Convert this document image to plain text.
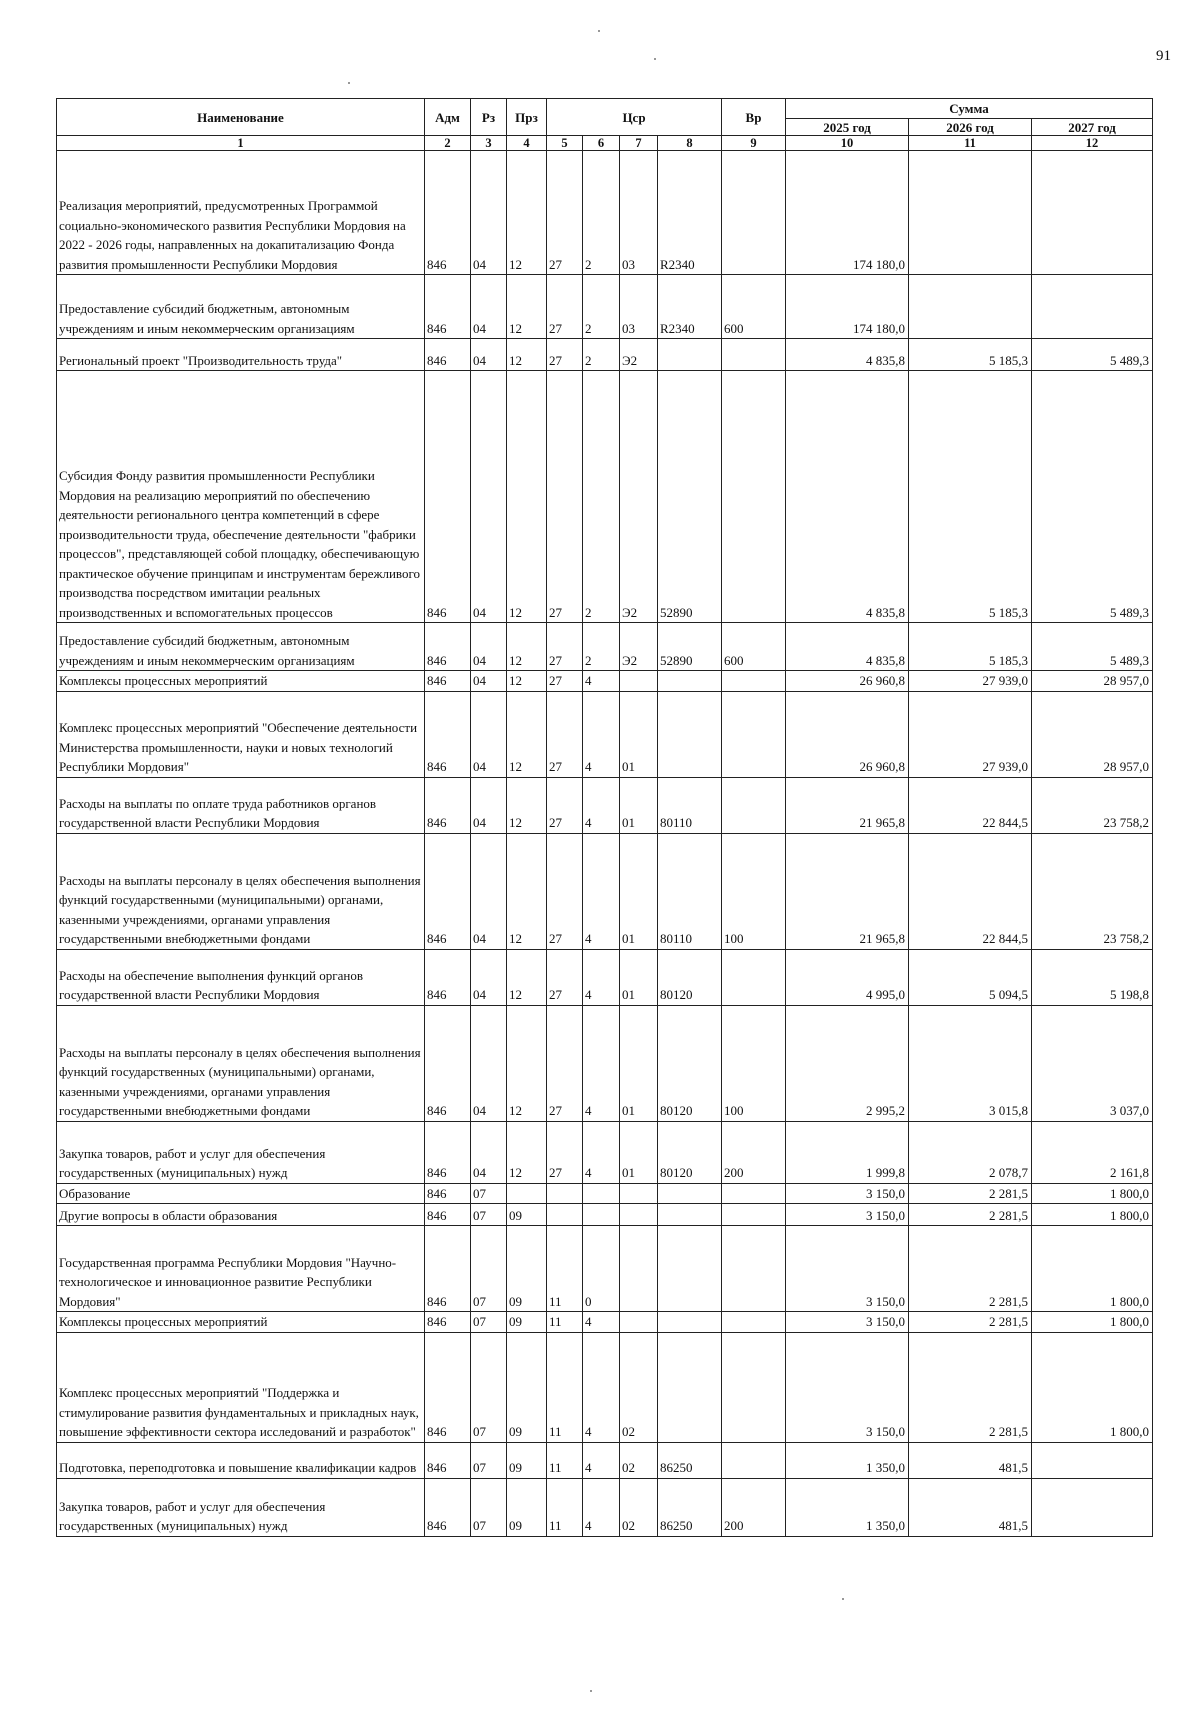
91
Наименование	Адм	Рз	Прз	Цср				Вр	Сумма		
									2025 год	2026 год	2027 год
1	2	3	4	5	6	7	8	9	10	11	12
Реализация мероприятий, предусмотренных Программой социально-экономического развития Республики Мордовия на 2022 - 2026 годы, направленных на докапитализацию Фонда развития промышленности Республики Мордовия	846	04	12	27	2	03	R2340		174 180,0		
Предоставление субсидий бюджетным, автономным учреждениям и иным некоммерческим организациям	846	04	12	27	2	03	R2340	600	174 180,0		
Региональный проект "Производительность труда"	846	04	12	27	2	Э2			4 835,8	5 185,3	5 489,3
Субсидия Фонду развития промышленности Республики Мордовия на реализацию мероприятий по обеспечению деятельности регионального центра компетенций в сфере производительности труда, обеспечение деятельности "фабрики процессов", представляющей собой площадку, обеспечивающую практическое обучение принципам и инструментам бережливого производства посредством имитации реальных производственных и вспомогательных процессов	846	04	12	27	2	Э2	52890		4 835,8	5 185,3	5 489,3
Предоставление субсидий бюджетным, автономным учреждениям и иным некоммерческим организациям	846	04	12	27	2	Э2	52890	600	4 835,8	5 185,3	5 489,3
Комплексы процессных мероприятий	846	04	12	27	4				26 960,8	27 939,0	28 957,0
Комплекс процессных мероприятий "Обеспечение деятельности Министерства промышленности, науки и новых технологий Республики Мордовия"	846	04	12	27	4	01			26 960,8	27 939,0	28 957,0
Расходы на выплаты по оплате труда работников органов государственной власти Республики Мордовия	846	04	12	27	4	01	80110		21 965,8	22 844,5	23 758,2
Расходы на выплаты персоналу в целях обеспечения выполнения функций государственными (муниципальными) органами, казенными учреждениями, органами управления государственными внебюджетными фондами	846	04	12	27	4	01	80110	100	21 965,8	22 844,5	23 758,2
Расходы на обеспечение выполнения функций органов государственной власти Республики Мордовия	846	04	12	27	4	01	80120		4 995,0	5 094,5	5 198,8
Расходы на выплаты персоналу в целях обеспечения выполнения функций государственных (муниципальными) органами, казенными учреждениями, органами управления государственными внебюджетными фондами	846	04	12	27	4	01	80120	100	2 995,2	3 015,8	3 037,0
Закупка товаров, работ и услуг для обеспечения государственных (муниципальных) нужд	846	04	12	27	4	01	80120	200	1 999,8	2 078,7	2 161,8
Образование	846	07							3 150,0	2 281,5	1 800,0
Другие вопросы в области образования	846	07	09						3 150,0	2 281,5	1 800,0
Государственная программа Республики Мордовия "Научно-технологическое и инновационное развитие Республики Мордовия"	846	07	09	11	0				3 150,0	2 281,5	1 800,0
Комплексы процессных мероприятий	846	07	09	11	4				3 150,0	2 281,5	1 800,0
Комплекс процессных мероприятий "Поддержка и стимулирование развития фундаментальных и прикладных наук, повышение эффективности сектора исследований и разработок"	846	07	09	11	4	02			3 150,0	2 281,5	1 800,0
Подготовка, переподготовка и повышение квалификации кадров	846	07	09	11	4	02	86250		1 350,0	481,5	
Закупка товаров, работ и услуг для обеспечения государственных (муниципальных) нужд	846	07	09	11	4	02	86250	200	1 350,0	481,5	
